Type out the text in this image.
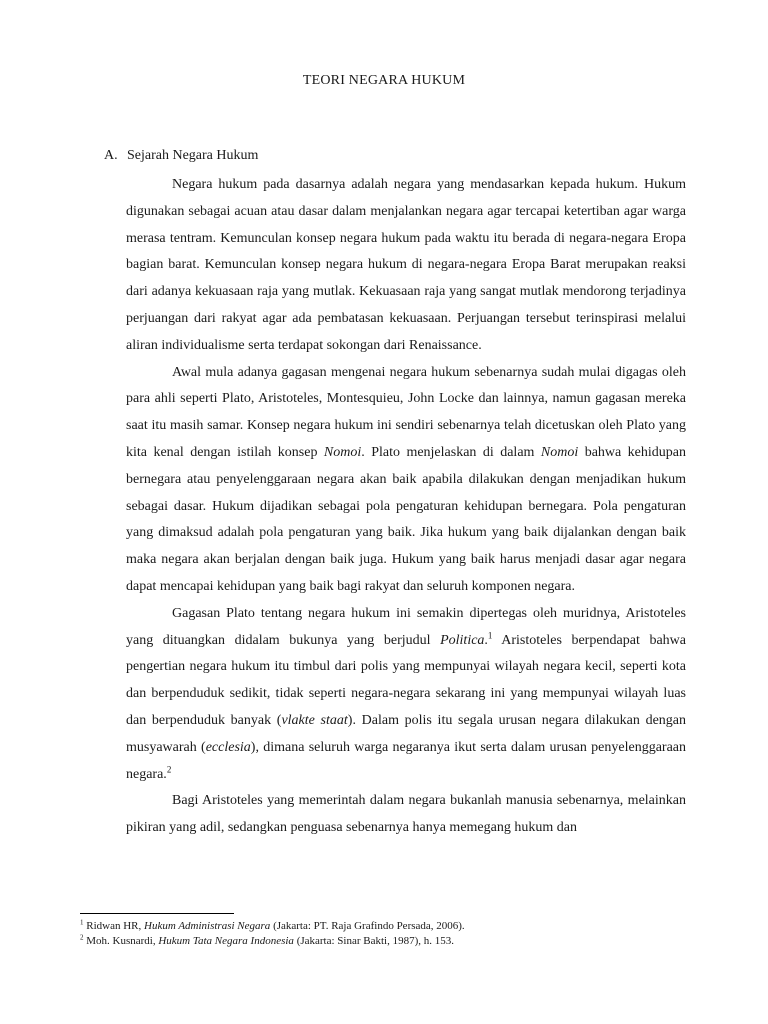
TEORI NEGARA HUKUM
A. Sejarah Negara Hukum

Negara hukum pada dasarnya adalah negara yang mendasarkan kepada hukum. Hukum digunakan sebagai acuan atau dasar dalam menjalankan negara agar tercapai ketertiban agar warga merasa tentram. Kemunculan konsep negara hukum pada waktu itu berada di negara-negara Eropa bagian barat. Kemunculan konsep negara hukum di negara-negara Eropa Barat merupakan reaksi dari adanya kekuasaan raja yang mutlak. Kekuasaan raja yang sangat mutlak mendorong terjadinya perjuangan dari rakyat agar ada pembatasan kekuasaan. Perjuangan tersebut terinspirasi melalui aliran individualisme serta terdapat sokongan dari Renaissance.

Awal mula adanya gagasan mengenai negara hukum sebenarnya sudah mulai digagas oleh para ahli seperti Plato, Aristoteles, Montesquieu, John Locke dan lainnya, namun gagasan mereka saat itu masih samar. Konsep negara hukum ini sendiri sebenarnya telah dicetuskan oleh Plato yang kita kenal dengan istilah konsep Nomoi. Plato menjelaskan di dalam Nomoi bahwa kehidupan bernegara atau penyelenggaraan negara akan baik apabila dilakukan dengan menjadikan hukum sebagai dasar. Hukum dijadikan sebagai pola pengaturan kehidupan bernegara. Pola pengaturan yang dimaksud adalah pola pengaturan yang baik. Jika hukum yang baik dijalankan dengan baik maka negara akan berjalan dengan baik juga. Hukum yang baik harus menjadi dasar agar negara dapat mencapai kehidupan yang baik bagi rakyat dan seluruh komponen negara.

Gagasan Plato tentang negara hukum ini semakin dipertegas oleh muridnya, Aristoteles yang dituangkan didalam bukunya yang berjudul Politica.$^1$ Aristoteles berpendapat bahwa pengertian negara hukum itu timbul dari polis yang mempunyai wilayah negara kecil, seperti kota dan berpenduduk sedikit, tidak seperti negara-negara sekarang ini yang mempunyai wilayah luas dan berpenduduk banyak (vlakte staat). Dalam polis itu segala urusan negara dilakukan dengan musyawarah (ecclesia), dimana seluruh warga negaranya ikut serta dalam urusan penyelenggaraan negara.$^2$

Bagi Aristoteles yang memerintah dalam negara bukanlah manusia sebenarnya, melainkan pikiran yang adil, sedangkan penguasa sebenarnya hanya memegang hukum dan

$^1$ Ridwan HR, Hukum Administrasi Negara (Jakarta: PT. Raja Grafindo Persada, 2006).

$^2$ Moh. Kusnardi, Hukum Tata Negara Indonesia (Jakarta: Sinar Bakti, 1987), h. 153.
